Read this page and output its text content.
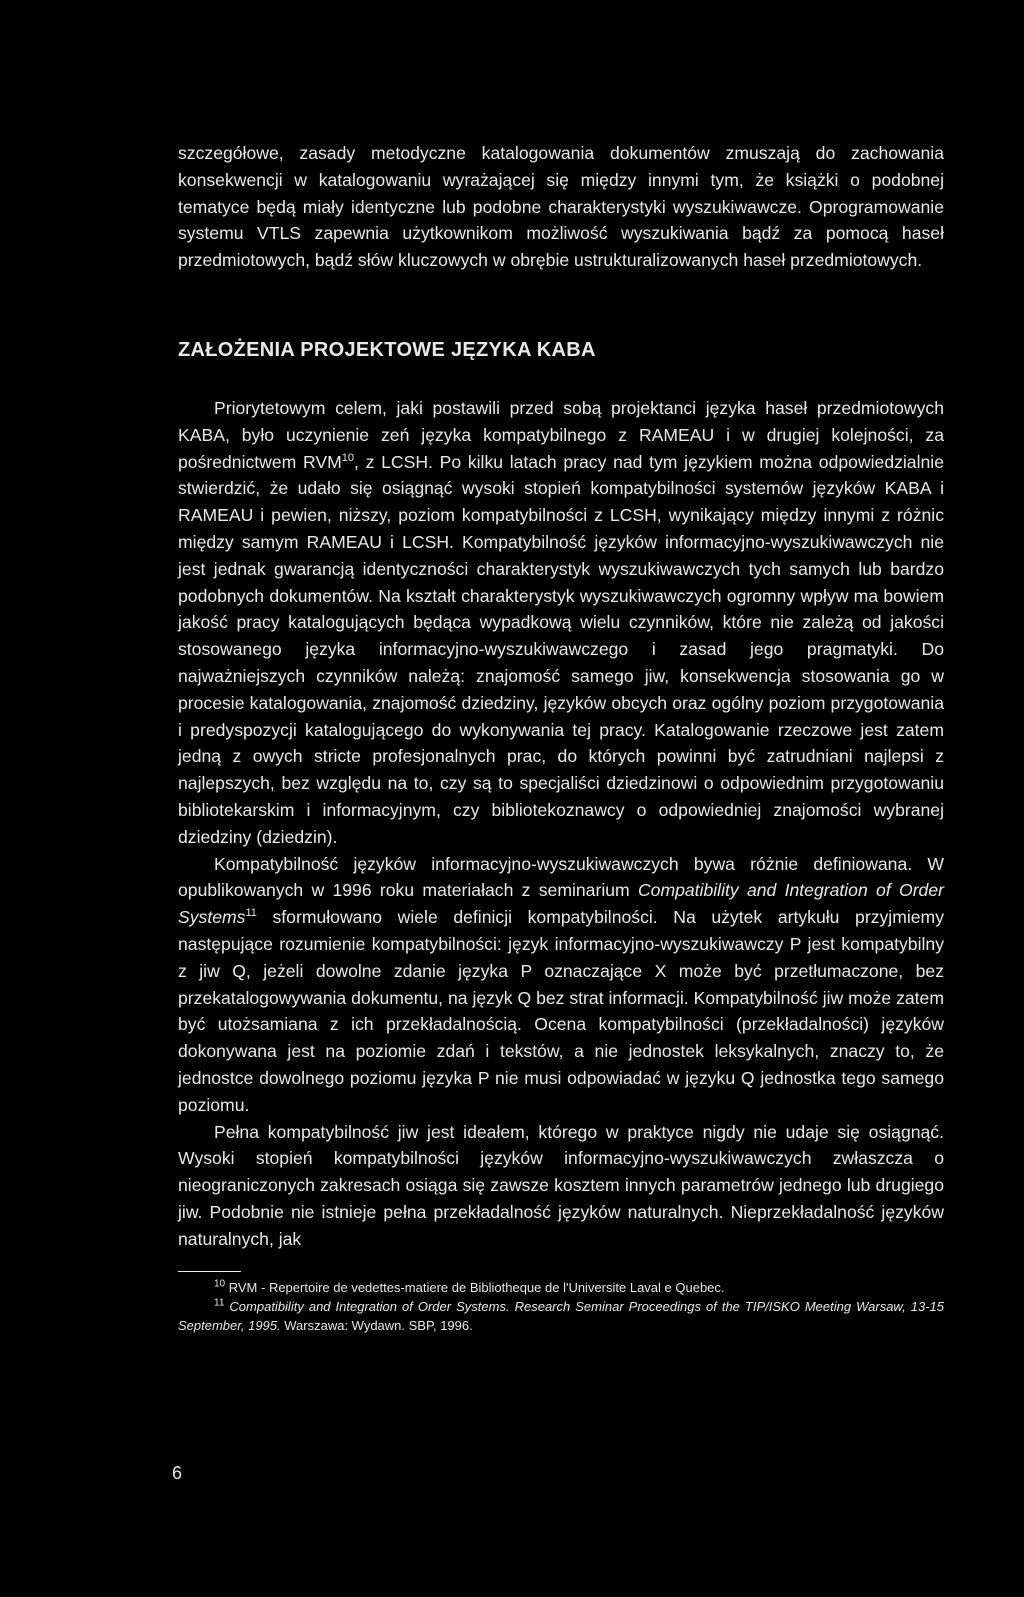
szczegółowe, zasady metodyczne katalogowania dokumentów zmuszają do zachowania konsekwencji w katalogowaniu wyrażającej się między innymi tym, że książki o podobnej tematyce będą miały identyczne lub podobne charakterystyki wyszukiwawcze. Oprogramowanie systemu VTLS zapewnia użytkownikom możliwość wyszukiwania bądź za pomocą haseł przedmiotowych, bądź słów kluczowych w obrębie ustrukturalizowanych haseł przedmiotowych.

ZAŁOŻENIA PROJEKTOWE JĘZYKA KABA

Priorytetowym celem, jaki postawili przed sobą projektanci języka haseł przedmiotowych KABA, było uczynienie zeń języka kompatybilnego z RAMEAU i w drugiej kolejności, za pośrednictwem RVM$^{10}$, z LCSH. Po kilku latach pracy nad tym językiem można odpowiedzialnie stwierdzić, że udało się osiągnąć wysoki stopień kompatybilności systemów języków KABA i RAMEAU i pewien, niższy, poziom kompatybilności z LCSH, wynikający między innymi z różnic między samym RAMEAU i LCSH. Kompatybilność języków informacyjno-wyszukiwawczych nie jest jednak gwarancją identyczności charakterystyk wyszukiwawczych tych samych lub bardzo podobnych dokumentów. Na kształt charakterystyk wyszukiwawczych ogromny wpływ ma bowiem jakość pracy katalogujących będąca wypadkową wielu czynników, które nie zależą od jakości stosowanego języka informacyjno-wyszukiwawczego i zasad jego pragmatyki. Do najważniejszych czynników należą: znajomość samego jiw, konsekwencja stosowania go w procesie katalogowania, znajomość dziedziny, języków obcych oraz ogólny poziom przygotowania i predyspozycji katalogującego do wykonywania tej pracy. Katalogowanie rzeczowe jest zatem jedną z owych stricte profesjonalnych prac, do których powinni być zatrudniani najlepsi z najlepszych, bez względu na to, czy są to specjaliści dziedzinowi o odpowiednim przygotowaniu bibliotekarskim i informacyjnym, czy bibliotekoznawcy o odpowiedniej znajomości wybranej dziedziny (dziedzin).

Kompatybilność języków informacyjno-wyszukiwawczych bywa różnie definiowana. W opublikowanych w 1996 roku materiałach z seminarium Compatibility and Integration of Order Systems$^{11}$ sformułowano wiele definicji kompatybilności. Na użytek artykułu przyjmiemy następujące rozumienie kompatybilności: język informacyjno-wyszukiwawczy P jest kompatybilny z jiw Q, jeżeli dowolne zdanie języka P oznaczające X może być przetłumaczone, bez przekatalogowywania dokumentu, na język Q bez strat informacji. Kompatybilność jiw może zatem być utożsamiana z ich przekładalnością. Ocena kompatybilności (przekładalności) języków dokonywana jest na poziomie zdań i tekstów, a nie jednostek leksykalnych, znaczy to, że jednostce dowolnego poziomu języka P nie musi odpowiadać w języku Q jednostka tego samego poziomu.

Pełna kompatybilność jiw jest ideałem, którego w praktyce nigdy nie udaje się osiągnąć. Wysoki stopień kompatybilności języków informacyjno-wyszukiwawczych zwłaszcza o nieograniczonych zakresach osiąga się zawsze kosztem innych parametrów jednego lub drugiego jiw. Podobnie nie istnieje pełna przekładalność języków naturalnych. Nieprzekładalność języków naturalnych, jak

$^{10}$ RVM - Repertoire de vedettes-matiere de Bibliotheque de l'Universite Laval e Quebec.

$^{11}$ Compatibility and Integration of Order Systems. Research Seminar Proceedings of the TIP/ISKO Meeting Warsaw, 13-15 September, 1995. Warszawa: Wydawn. SBP, 1996.

6
